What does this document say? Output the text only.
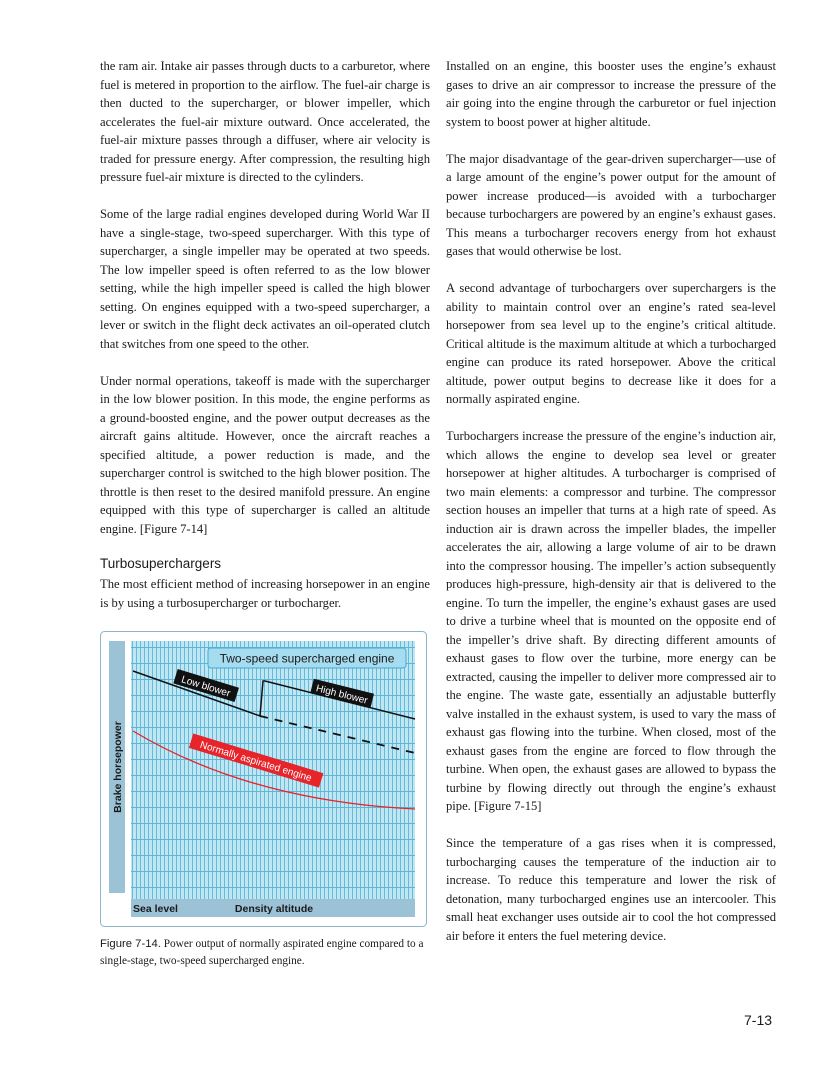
the ram air. Intake air passes through ducts to a carburetor, where fuel is metered in proportion to the airflow. The fuel-air charge is then ducted to the supercharger, or blower impeller, which accelerates the fuel-air mixture outward. Once accelerated, the fuel-air mixture passes through a diffuser, where air velocity is traded for pressure energy. After compression, the resulting high pressure fuel-air mixture is directed to the cylinders.

Some of the large radial engines developed during World War II have a single-stage, two-speed supercharger. With this type of supercharger, a single impeller may be operated at two speeds. The low impeller speed is often referred to as the low blower setting, while the high impeller speed is called the high blower setting. On engines equipped with a two-speed supercharger, a lever or switch in the flight deck activates an oil-operated clutch that switches from one speed to the other.

Under normal operations, takeoff is made with the supercharger in the low blower position. In this mode, the engine performs as a ground-boosted engine, and the power output decreases as the aircraft gains altitude. However, once the aircraft reaches a specified altitude, a power reduction is made, and the supercharger control is switched to the high blower position. The throttle is then reset to the desired manifold pressure. An engine equipped with this type of supercharger is called an altitude engine. [Figure 7-14]

Turbosuperchargers

The most efficient method of increasing horsepower in an engine is by using a turbosupercharger or turbocharger.

Brake horsepower
Sea level	Density altitude
Two-speed supercharged engine
Low blower	High blower
Normally aspirated engine
Figure 7-14. Power output of normally aspirated engine compared to a single-stage, two-speed supercharged engine.

Installed on an engine, this booster uses the engine’s exhaust gases to drive an air compressor to increase the pressure of the air going into the engine through the carburetor or fuel injection system to boost power at higher altitude.

The major disadvantage of the gear-driven supercharger—use of a large amount of the engine’s power output for the amount of power increase produced—is avoided with a turbocharger because turbochargers are powered by an engine’s exhaust gases. This means a turbocharger recovers energy from hot exhaust gases that would otherwise be lost.

A second advantage of turbochargers over superchargers is the ability to maintain control over an engine’s rated sea-level horsepower from sea level up to the engine’s critical altitude. Critical altitude is the maximum altitude at which a turbocharged engine can produce its rated horsepower. Above the critical altitude, power output begins to decrease like it does for a normally aspirated engine.

Turbochargers increase the pressure of the engine’s induction air, which allows the engine to develop sea level or greater horsepower at higher altitudes. A turbocharger is comprised of two main elements: a compressor and turbine. The compressor section houses an impeller that turns at a high rate of speed. As induction air is drawn across the impeller blades, the impeller accelerates the air, allowing a large volume of air to be drawn into the compressor housing. The impeller’s action subsequently produces high-pressure, high-density air that is delivered to the engine. To turn the impeller, the engine’s exhaust gases are used to drive a turbine wheel that is mounted on the opposite end of the impeller’s drive shaft. By directing different amounts of exhaust gases to flow over the turbine, more energy can be extracted, causing the impeller to deliver more compressed air to the engine. The waste gate, essentially an adjustable butterfly valve installed in the exhaust system, is used to vary the mass of exhaust gas flowing into the turbine. When closed, most of the exhaust gases from the engine are forced to flow through the turbine. When open, the exhaust gases are allowed to bypass the turbine by flowing directly out through the engine’s exhaust pipe. [Figure 7-15]

Since the temperature of a gas rises when it is compressed, turbocharging causes the temperature of the induction air to increase. To reduce this temperature and lower the risk of detonation, many turbocharged engines use an intercooler. This small heat exchanger uses outside air to cool the hot compressed air before it enters the fuel metering device.

7-13
